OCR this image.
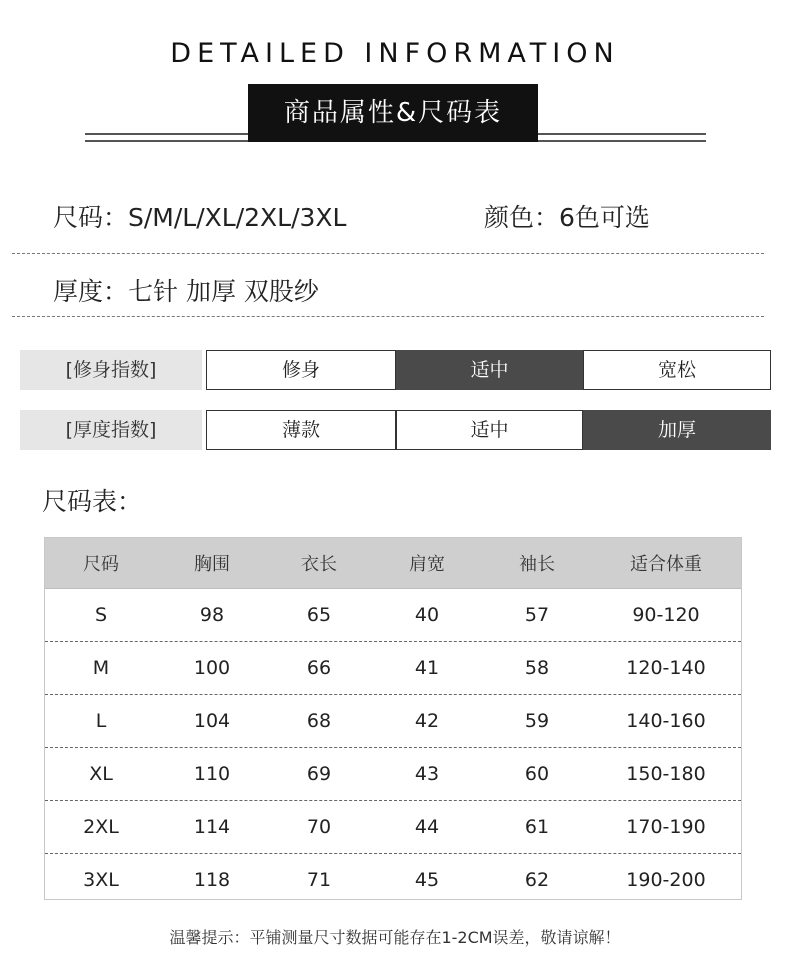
DETAILED INFORMATION
商品属性&尺码表
尺码：S/M/L/XL/2XL/3XL	颜色：6色可选
厚度：七针 加厚 双股纱
[修身指数]	修身	适中	宽松
[厚度指数]	薄款	适中	加厚
尺码表：
尺码	胸围	衣长	肩宽	袖长	适合体重
S	98	65	40	57	90-120
M	100	66	41	58	120-140
L	104	68	42	59	140-160
XL	110	69	43	60	150-180
2XL	114	70	44	61	170-190
3XL	118	71	45	62	190-200
温馨提示：平铺测量尺寸数据可能存在1-2CM误差，敬请谅解！
